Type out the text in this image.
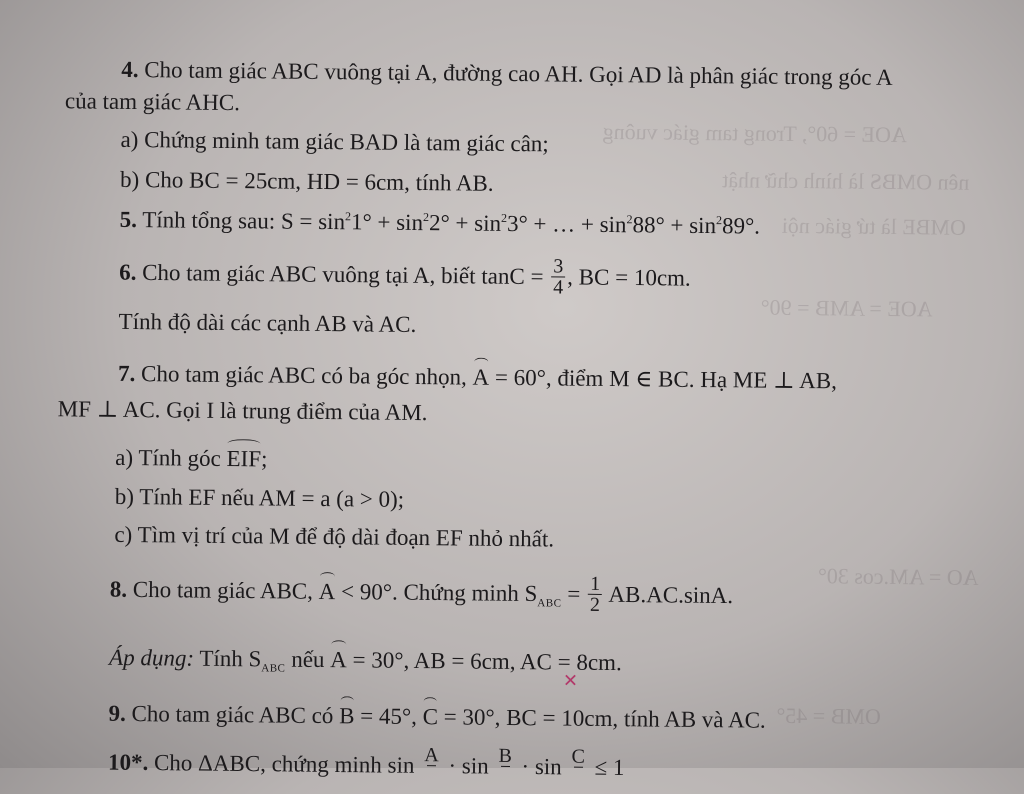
AOE = 60°, Trong tam giác vuông
nên OMBS là hình chữ nhật
OMBE là tứ giác nội
AOE = AMB = 90°
AO = AM.cos 30°
OMB = 45°
4. Cho tam giác ABC vuông tại A, đường cao AH. Gọi AD là phân giác trong góc A
của tam giác AHC.
a) Chứng minh tam giác BAD là tam giác cân;
b) Cho BC = 25cm, HD = 6cm, tính AB.
5. Tính tổng sau: $S = \sin^21^\circ + \sin^22^\circ + \sin^23^\circ$ + … + $\sin^288^\circ + \sin^289^\circ$.
6. Cho tam giác ABC vuông tại A, biết $\tan C = \frac{3}{4}$ , BC = 10cm.
Tính độ dài các cạnh AB và AC.
7. Cho tam giác ABC có ba góc nhọn, A = 60°, điểm M ∈ BC. Hạ ME ⊥ AB,
MF ⊥ AC. Gọi I là trung điểm của AM.
a) Tính góc EIF;
b) Tính EF nếu AM = a (a > 0);
c) Tìm vị trí của M để độ dài đoạn EF nhỏ nhất.
8. Cho tam giác ABC, A < 90°. Chứng minh $S_{ABC} = \frac{1}{2} AB.AC.\sin A$.
Áp dụng: Tính $S_{ABC}$ nếu A = 30°, AB = 6cm, AC = 8cm.
9. Cho tam giác ABC có B = 45°, C = 30°, BC = 10cm, tính AB và AC.
10*. Cho ΔABC, chứng minh sin A
· sin B
· sin C
≤ 1
✕
